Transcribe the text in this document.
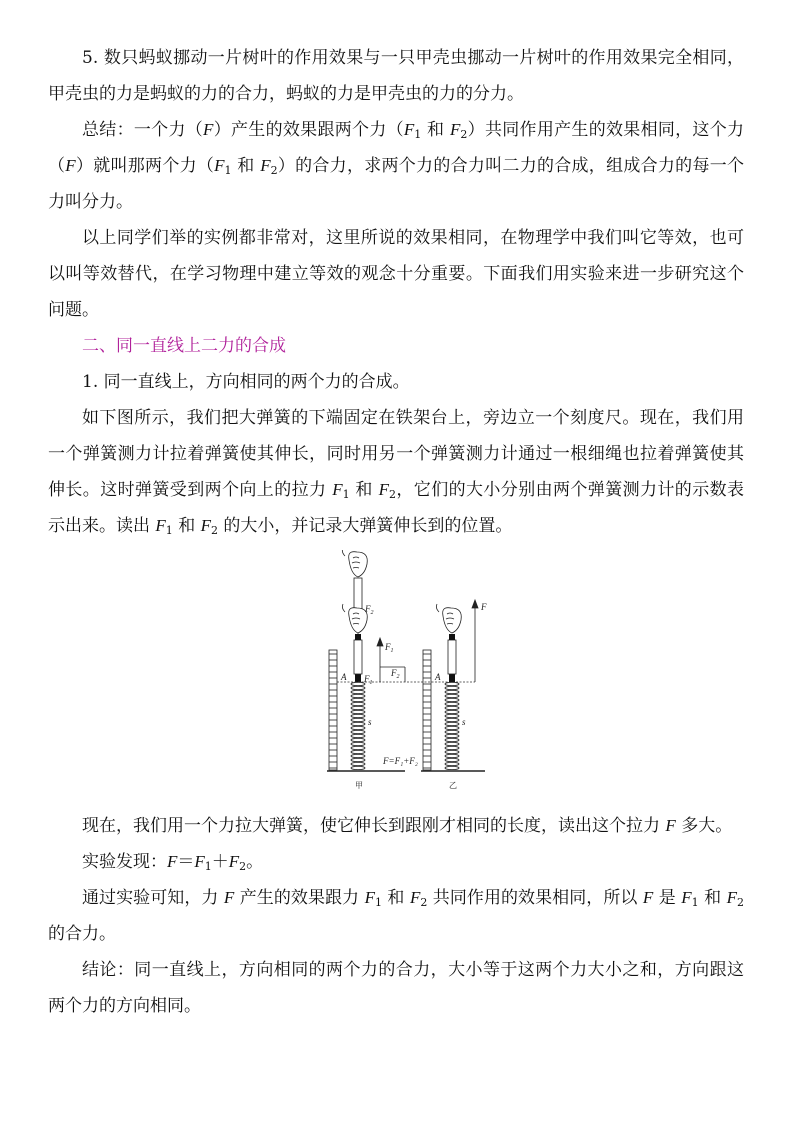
5. 数只蚂蚁挪动一片树叶的作用效果与一只甲壳虫挪动一片树叶的作用效果完全相同，甲壳虫的力是蚂蚁的力的合力，蚂蚁的力是甲壳虫的力的分力。

总结：一个力（F）产生的效果跟两个力（$F_1$ 和 $F_2$）共同作用产生的效果相同，这个力（F）就叫那两个力（$F_1$ 和 $F_2$）的合力，求两个力的合力叫二力的合成，组成合力的每一个力叫分力。

以上同学们举的实例都非常对，这里所说的效果相同，在物理学中我们叫它等效，也可以叫等效替代，在学习物理中建立等效的观念十分重要。下面我们用实验来进一步研究这个问题。

二、同一直线上二力的合成

1. 同一直线上，方向相同的两个力的合成。

如下图所示，我们把大弹簧的下端固定在铁架台上，旁边立一个刻度尺。现在，我们用一个弹簧测力计拉着弹簧使其伸长，同时用另一个弹簧测力计通过一根细绳也拉着弹簧使其伸长。这时弹簧受到两个向上的拉力 $F_1$ 和 $F_2$，它们的大小分别由两个弹簧测力计的示数表示出来。读出 $F_1$ 和 $F_2$ 的大小，并记录大弹簧伸长到的位置。

$F_2$
$F_1$
$F_1$
$F_2$
A
s
F=F₁+F₂
甲
F
A
s
乙

现在，我们用一个力拉大弹簧，使它伸长到跟刚才相同的长度，读出这个拉力 F 多大。

实验发现：$F=F_1+F_2$。

通过实验可知，力 F 产生的效果跟力 $F_1$ 和 $F_2$ 共同作用的效果相同，所以 F 是 $F_1$ 和 $F_2$ 的合力。

结论：同一直线上，方向相同的两个力的合力，大小等于这两个力大小之和，方向跟这两个力的方向相同。
